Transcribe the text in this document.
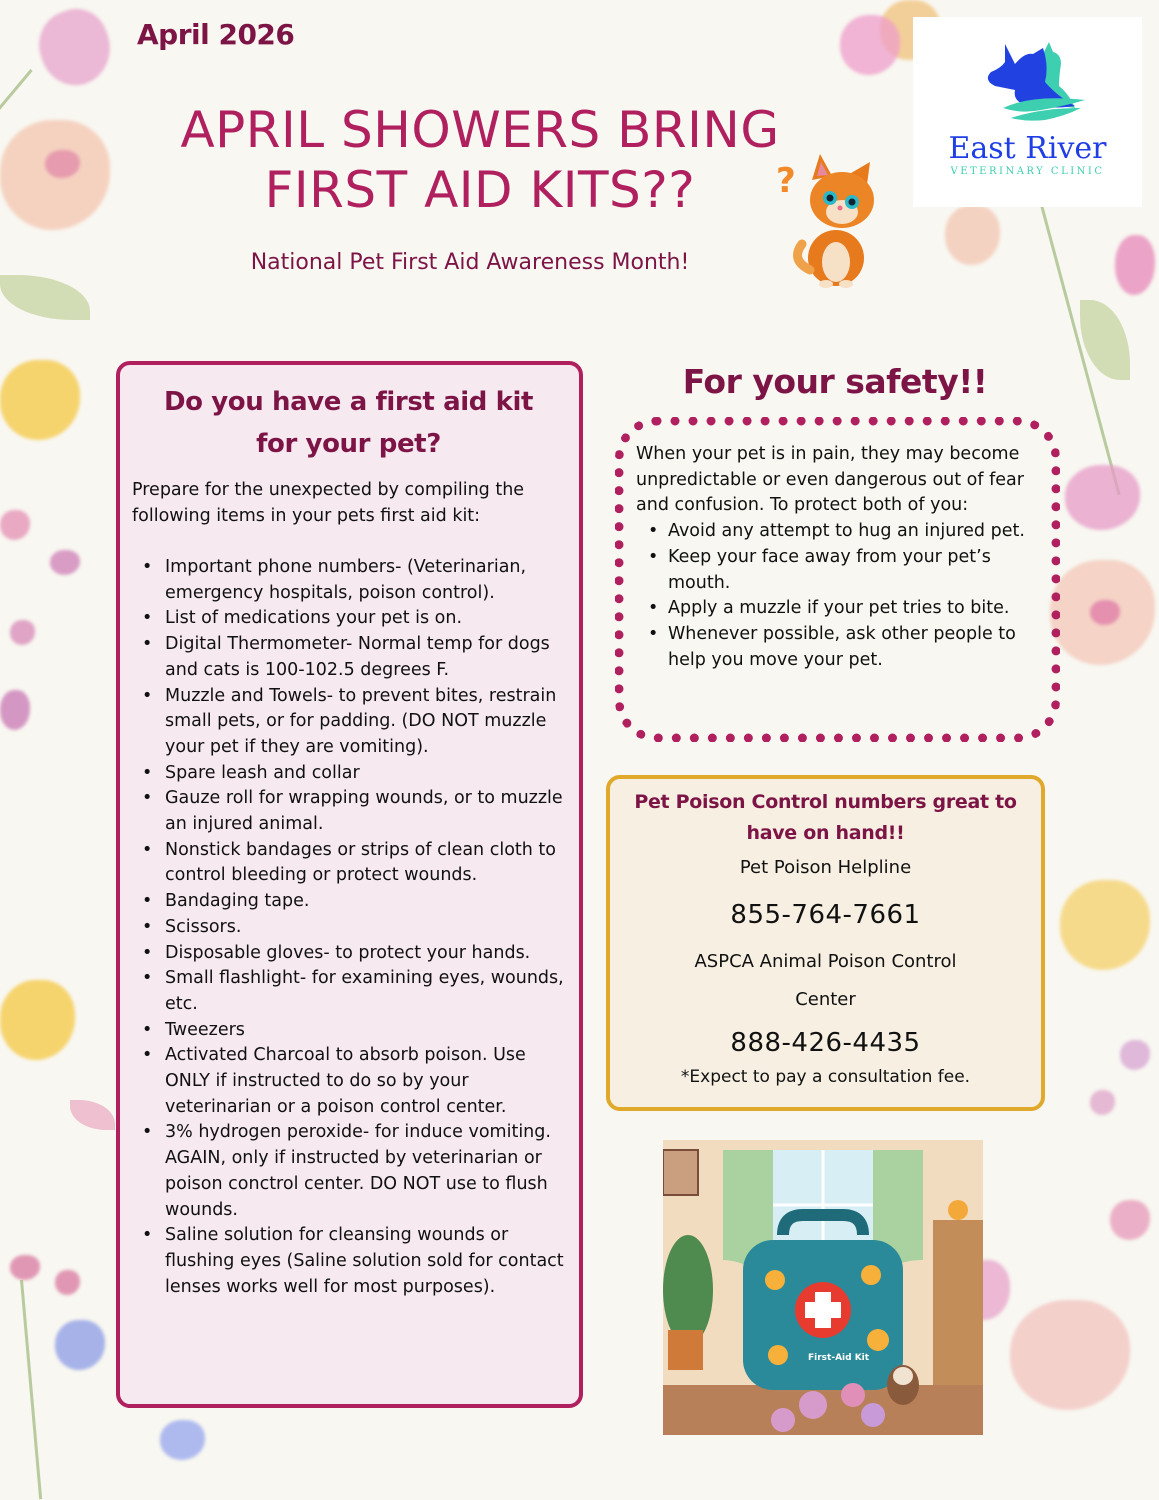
April 2026
APRIL SHOWERS BRING
FIRST AID KITS??	?
National Pet First Aid Awareness Month!
East River
VETERINARY CLINIC
Do you have a first aid kit
for your pet?
Prepare for the unexpected by compiling the following items in your pets first aid kit:
• Important phone numbers- (Veterinarian, emergency hospitals, poison control).
• List of medications your pet is on.
• Digital Thermometer- Normal temp for dogs and cats is 100-102.5 degrees F.
• Muzzle and Towels- to prevent bites, restrain small pets, or for padding. (DO NOT muzzle your pet if they are vomiting).
• Spare leash and collar
• Gauze roll for wrapping wounds, or to muzzle an injured animal.
• Nonstick bandages or strips of clean cloth to control bleeding or protect wounds.
• Bandaging tape.
• Scissors.
• Disposable gloves- to protect your hands.
• Small flashlight- for examining eyes, wounds, etc.
• Tweezers
• Activated Charcoal to absorb poison. Use ONLY if instructed to do so by your veterinarian or a poison control center.
• 3% hydrogen peroxide- for induce vomiting. AGAIN, only if instructed by veterinarian or poison conctrol center. DO NOT use to flush wounds.
• Saline solution for cleansing wounds or flushing eyes (Saline solution sold for contact lenses works well for most purposes).
For your safety!!
When your pet is in pain, they may become unpredictable or even dangerous out of fear and confusion. To protect both of you:
• Avoid any attempt to hug an injured pet.
• Keep your face away from your pet’s mouth.
• Apply a muzzle if your pet tries to bite.
• Whenever possible, ask other people to help you move your pet.
Pet Poison Control numbers great to have on hand!!
Pet Poison Helpline
855-764-7661
ASPCA Animal Poison Control
Center
888-426-4435
*Expect to pay a consultation fee.
First-Aid Kit
